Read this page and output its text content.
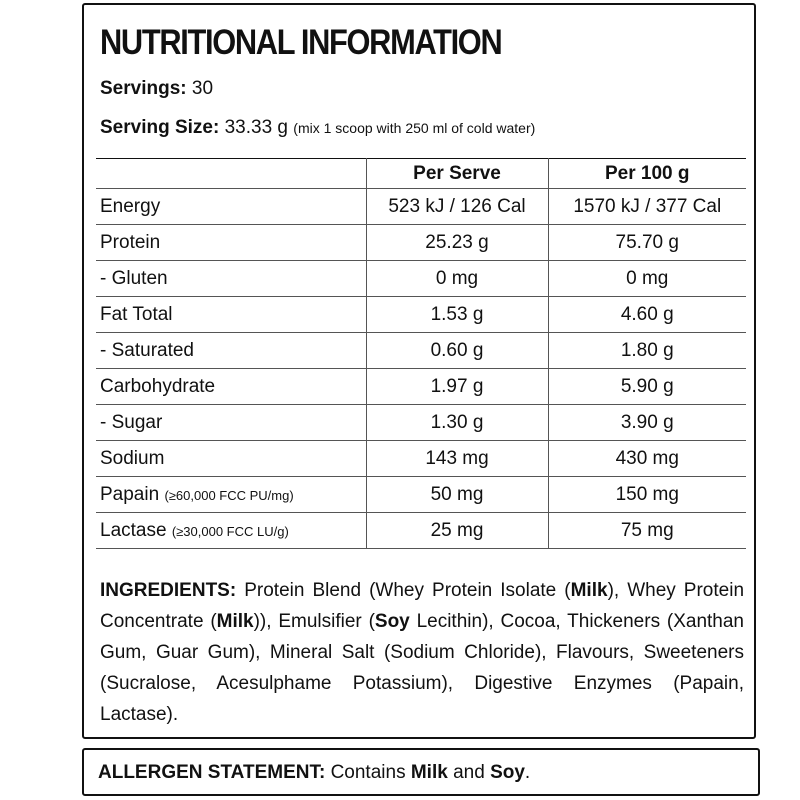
NUTRITIONAL INFORMATION
Servings: 30
Serving Size: 33.33 g (mix 1 scoop with 250 ml of cold water)
	Per Serve	Per 100 g
Energy	523 kJ / 126 Cal	1570 kJ / 377 Cal
Protein	25.23 g	75.70 g
- Gluten	0 mg	0 mg
Fat Total	1.53 g	4.60 g
- Saturated	0.60 g	1.80 g
Carbohydrate	1.97 g	5.90 g
- Sugar	1.30 g	3.90 g
Sodium	143 mg	430 mg
Papain (≥60,000 FCC PU/mg)	50 mg	150 mg
Lactase (≥30,000 FCC LU/g)	25 mg	75 mg

INGREDIENTS: Protein Blend (Whey Protein Isolate (Milk), Whey Protein Concentrate (Milk)), Emulsifier (Soy Lecithin), Cocoa, Thickeners (Xanthan Gum, Guar Gum), Mineral Salt (Sodium Chloride), Flavours, Sweeteners (Sucralose, Acesulphame Potassium), Digestive Enzymes (Papain, Lactase).

ALLERGEN STATEMENT: Contains Milk and Soy.
